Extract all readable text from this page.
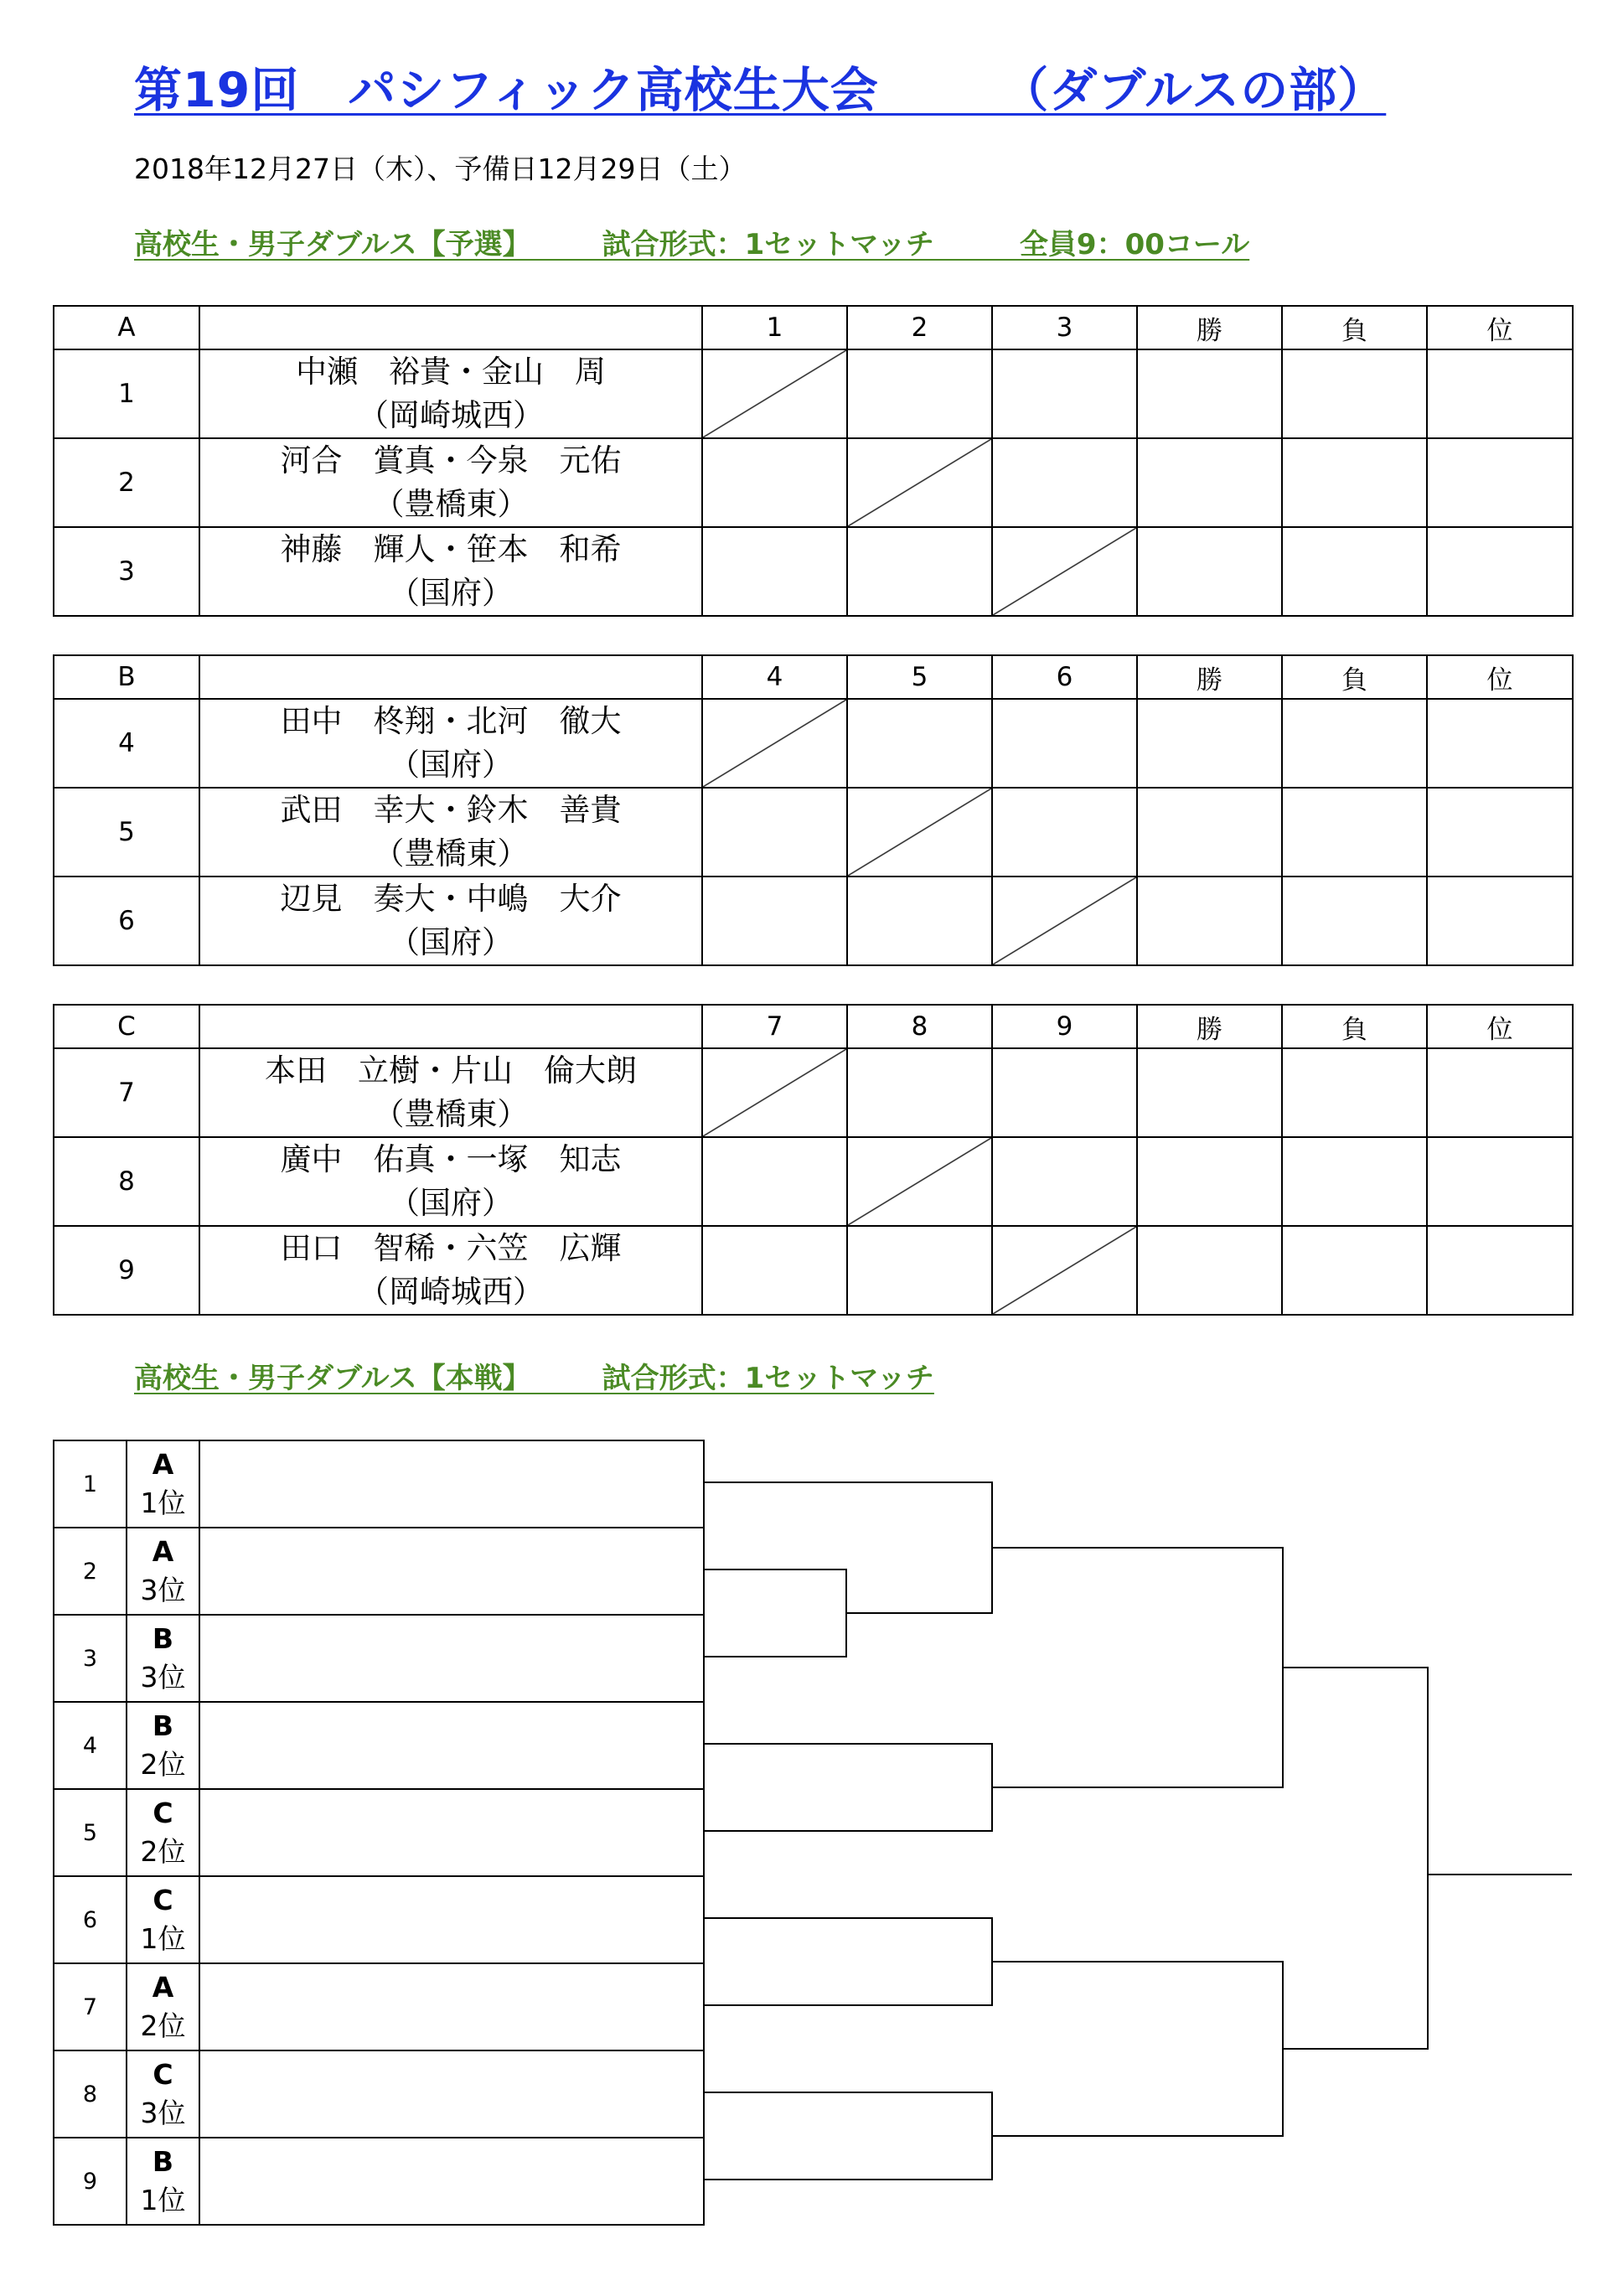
第19回　パシフィック高校生大会　　　（ダブルスの部）
2018年12月27日（木）、予備日12月29日（土）
高校生・男子ダブルス【予選】　　　試合形式：1セットマッチ　　　全員9：00コール
A		1	2	3	勝	負	位
1	中瀬　裕貴・金山　周
（岡崎城西）						

2	河合　賞真・今泉　元佑
（豊橋東）						

3	神藤　輝人・笹本　和希
（国府）						

B		4	5	6	勝	負	位
4	田中　柊翔・北河　徹大
（国府）						

5	武田　幸大・鈴木　善貴
（豊橋東）						

6	辺見　奏大・中嶋　大介
（国府）						

C		7	8	9	勝	負	位
7	本田　立樹・片山　倫大朗
（豊橋東）						

8	廣中　佑真・一塚　知志
（国府）						

9	田口　智稀・六笠　広輝
（岡崎城西）						

高校生・男子ダブルス【本戦】　　　試合形式：1セットマッチ
1	A
1位	

2	A
3位	

3	B
3位	

4	B
2位	

5	C
2位	

6	C
1位	

7	A
2位	

8	C
3位	

9	B
1位	
